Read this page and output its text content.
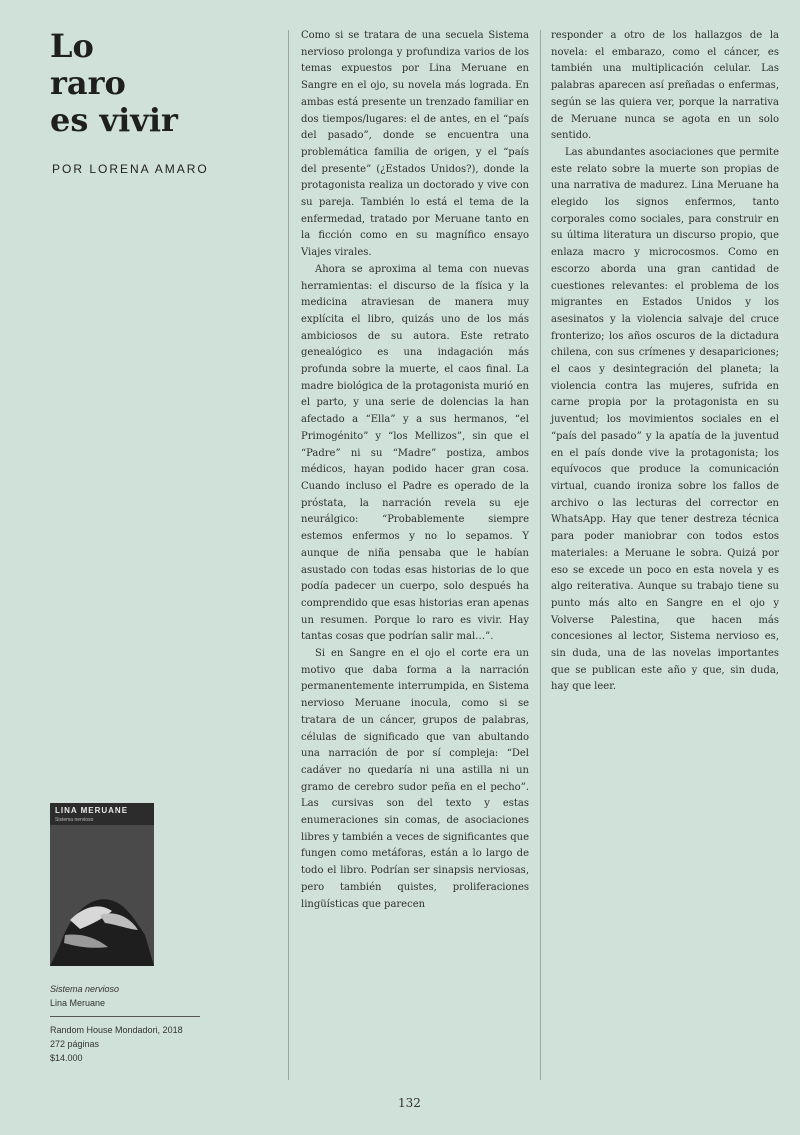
Lo
raro
es vivir
POR LORENA AMARO
LINA MERUANE
Sistema nervioso
Sistema nervioso
Lina Meruane
Random House Mondadori, 2018
272 páginas
$14.000

Como si se tratara de una secuela Sistema nervioso prolonga y profundiza varios de los temas expuestos por Lina Meruane en Sangre en el ojo, su novela más lograda. En ambas está presente un trenzado familiar en dos tiempos/lugares: el de antes, en el “país del pasado”, donde se encuentra una problemática familia de origen, y el “país del presente” (¿Estados Unidos?), donde la protagonista realiza un doctorado y vive con su pareja. También lo está el tema de la enfermedad, tratado por Meruane tanto en la ficción como en su magnífico ensayo Viajes virales.

Ahora se aproxima al tema con nuevas herramientas: el discurso de la física y la medicina atraviesan de manera muy explícita el libro, quizás uno de los más ambiciosos de su autora. Este retrato genealógico es una indagación más profunda sobre la muerte, el caos final. La madre biológica de la protagonista murió en el parto, y una serie de dolencias la han afectado a “Ella” y a sus hermanos, “el Primogénito” y “los Mellizos”, sin que el “Padre” ni su “Madre” postiza, ambos médicos, hayan podido hacer gran cosa. Cuando incluso el Padre es operado de la próstata, la narración revela su eje neurálgico: “Probablemente siempre estemos enfermos y no lo sepamos. Y aunque de niña pensaba que le habían asustado con todas esas historias de lo que podía padecer un cuerpo, solo después ha comprendido que esas historias eran apenas un resumen. Porque lo raro es vivir. Hay tantas cosas que podrían salir mal…”.

Si en Sangre en el ojo el corte era un motivo que daba forma a la narración permanentemente interrumpida, en Sistema nervioso Meruane inocula, como si se tratara de un cáncer, grupos de palabras, células de significado que van abultando una narración de por sí compleja: “Del cadáver no quedaría ni una astilla ni un gramo de cerebro sudor peña en el pecho”. Las cursivas son del texto y estas enumeraciones sin comas, de asociaciones libres y también a veces de significantes que fungen como metáforas, están a lo largo de todo el libro. Podrían ser sinapsis nerviosas, pero también quistes, proliferaciones lingüísticas que parecen

responder a otro de los hallazgos de la novela: el embarazo, como el cáncer, es también una multiplicación celular. Las palabras aparecen así preñadas o enfermas, según se las quiera ver, porque la narrativa de Meruane nunca se agota en un solo sentido.

Las abundantes asociaciones que permite este relato sobre la muerte son propias de una narrativa de madurez. Lina Meruane ha elegido los signos enfermos, tanto corporales como sociales, para construir en su última literatura un discurso propio, que enlaza macro y microcosmos. Como en escorzo aborda una gran cantidad de cuestiones relevantes: el problema de los migrantes en Estados Unidos y los asesinatos y la violencia salvaje del cruce fronterizo; los años oscuros de la dictadura chilena, con sus crímenes y desapariciones; el caos y desintegración del planeta; la violencia contra las mujeres, sufrida en carne propia por la protagonista en su juventud; los movimientos sociales en el “país del pasado” y la apatía de la juventud en el país donde vive la protagonista; los equívocos que produce la comunicación virtual, cuando ironiza sobre los fallos de archivo o las lecturas del corrector en WhatsApp. Hay que tener destreza técnica para poder maniobrar con todos estos materiales: a Meruane le sobra. Quizá por eso se excede un poco en esta novela y es algo reiterativa. Aunque su trabajo tiene su punto más alto en Sangre en el ojo y Volverse Palestina, que hacen más concesiones al lector, Sistema nervioso es, sin duda, una de las novelas importantes que se publican este año y que, sin duda, hay que leer.

132
